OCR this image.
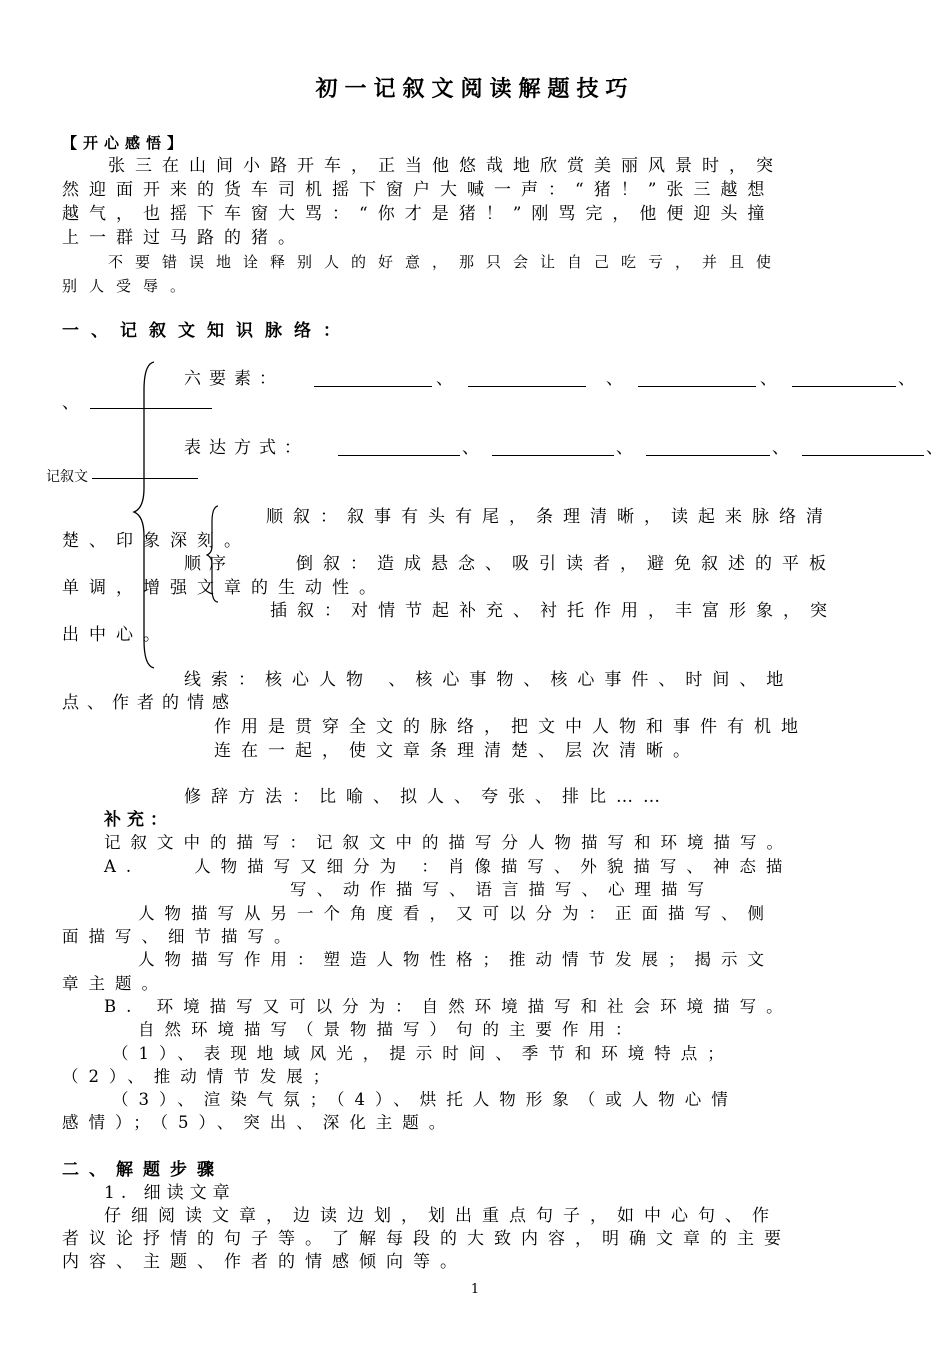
初一记叙文阅读解题技巧
【开心感悟】
张三在山间小路开车，正当他悠哉地欣赏美丽风景时，突
然迎面开来的货车司机摇下窗户大喊一声：“猪！”张三越想
越气，也摇下车窗大骂：“你才是猪！”刚骂完，他便迎头撞
上一群过马路的猪。
不要错误地诠释别人的好意，那只会让自己吃亏，并且使
别人受辱。
一、记叙文知识脉络：
六要素：	、	、	、	、
、
表达方式：	、	、	、	、
记叙文
顺叙：叙事有头有尾，条理清晰，读起来脉络清
楚、印象深刻。
顺序	倒叙：造成悬念、吸引读者，避免叙述的平板
单调，增强文章的生动性。
插叙：对情节起补充、衬托作用，丰富形象，突
出中心。
线索：核心人物 、核心事物、核心事件、时间、地
点、作者的情感
作用是贯穿全文的脉络，把文中人物和事件有机地
连在一起，使文章条理清楚、层次清晰。
修辞方法：比喻、拟人、夸张、排比……
补充：
记叙文中的描写：记叙文中的描写分人物描写和环境描写。
A.　　人物描写又细分为 ：肖像描写、外貌描写、神态描
写、动作描写、语言描写、心理描写
人物描写从另一个角度看，又可以分为：正面描写、侧
面描写、细节描写。
人物描写作用：塑造人物性格；推动情节发展；揭示文
章主题。
B. 环境描写又可以分为：自然环境描写和社会环境描写。
自然环境描写（景物描写）句的主要作用：
（1）、表现地域风光，提示时间、季节和环境特点；
（2）、推动情节发展；
（3）、渲染气氛；（4）、烘托人物形象（或人物心情
感情）；（5）、突出、深化主题。
二、解题步骤
1. 细读文章
仔细阅读文章，边读边划，划出重点句子，如中心句、作
者议论抒情的句子等。了解每段的大致内容，明确文章的主要
内容、主题、作者的情感倾向等。
1
